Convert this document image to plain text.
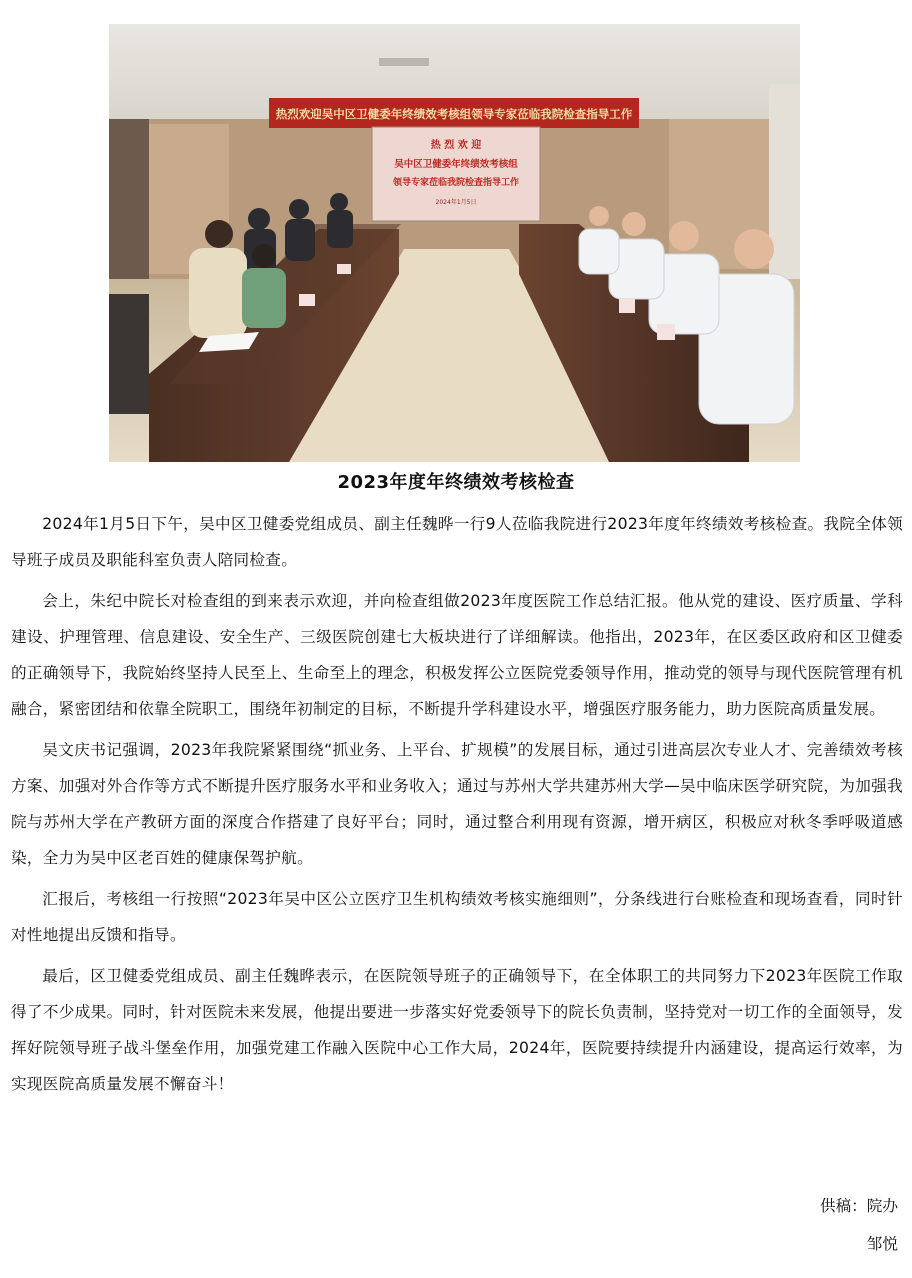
热烈欢迎吴中区卫健委年终绩效考核组领导专家莅临我院检查指导工作
热 烈 欢 迎
吴中区卫健委年终绩效考核组
领导专家莅临我院检查指导工作
2024年1月5日
2023年度年终绩效考核检查

2024年1月5日下午，吴中区卫健委党组成员、副主任魏晔一行9人莅临我院进行2023年度年终绩效考核检查。我院全体领导班子成员及职能科室负责人陪同检查。

会上，朱纪中院长对检查组的到来表示欢迎，并向检查组做2023年度医院工作总结汇报。他从党的建设、医疗质量、学科建设、护理管理、信息建设、安全生产、三级医院创建七大板块进行了详细解读。他指出，2023年，在区委区政府和区卫健委的正确领导下，我院始终坚持人民至上、生命至上的理念，积极发挥公立医院党委领导作用，推动党的领导与现代医院管理有机融合，紧密团结和依靠全院职工，围绕年初制定的目标，不断提升学科建设水平，增强医疗服务能力，助力医院高质量发展。

吴文庆书记强调，2023年我院紧紧围绕“抓业务、上平台、扩规模”的发展目标，通过引进高层次专业人才、完善绩效考核方案、加强对外合作等方式不断提升医疗服务水平和业务收入；通过与苏州大学共建苏州大学—吴中临床医学研究院，为加强我院与苏州大学在产教研方面的深度合作搭建了良好平台；同时，通过整合利用现有资源，增开病区，积极应对秋冬季呼吸道感染，全力为吴中区老百姓的健康保驾护航。

汇报后，考核组一行按照“2023年吴中区公立医疗卫生机构绩效考核实施细则”，分条线进行台账检查和现场查看，同时针对性地提出反馈和指导。

最后，区卫健委党组成员、副主任魏晔表示，在医院领导班子的正确领导下，在全体职工的共同努力下2023年医院工作取得了不少成果。同时，针对医院未来发展，他提出要进一步落实好党委领导下的院长负责制，坚持党对一切工作的全面领导，发挥好院领导班子战斗堡垒作用，加强党建工作融入医院中心工作大局，2024年，医院要持续提升内涵建设，提高运行效率，为实现医院高质量发展不懈奋斗！

供稿：院办
邹悦
